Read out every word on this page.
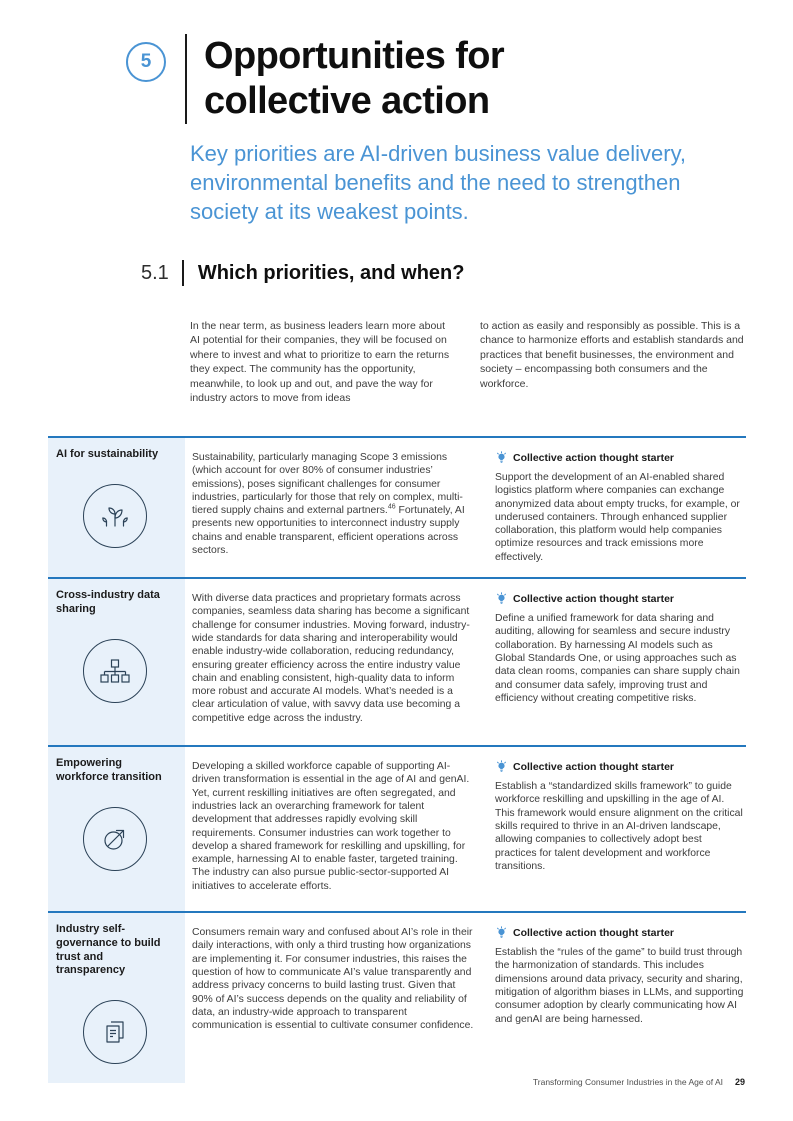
5	Opportunities for collective action
Key priorities are AI-driven business value delivery, environmental benefits and the need to strengthen society at its weakest points.
5.1 Which priorities, and when?

In the near term, as business leaders learn more about AI potential for their companies, they will be focused on where to invest and what to prioritize to earn the returns they expect. The community has the opportunity, meanwhile, to look up and out, and pave the way for industry actors to move from ideas

to action as easily and responsibly as possible. This is a chance to harmonize efforts and establish standards and practices that benefit businesses, the environment and society – encompassing both consumers and the workforce.

AI for sustainability	Sustainability, particularly managing Scope 3 emissions (which account for over 80% of consumer industries’ emissions), poses significant challenges for consumer industries, particularly for those that rely on complex, multi-tiered supply chains and external partners.$^{46}$ Fortunately, AI presents new opportunities to interconnect industry supply chains and enable transparent, efficient operations across sectors.

Collective action thought starter

Support the development of an AI-enabled shared logistics platform where companies can exchange anonymized data about empty trucks, for example, or underused containers. Through enhanced supplier collaboration, this platform would help companies optimize resources and track emissions more effectively.

Cross-industry data sharing

With diverse data practices and proprietary formats across companies, seamless data sharing has become a significant challenge for consumer industries. Moving forward, industry-wide standards for data sharing and interoperability would enable industry-wide collaboration, reducing redundancy, ensuring greater efficiency across the entire industry value chain and enabling consistent, high-quality data to inform more robust and accurate AI models. What’s needed is a clear articulation of value, with savvy data use becoming a competitive edge across the industry.

Collective action thought starter

Define a unified framework for data sharing and auditing, allowing for seamless and secure industry collaboration. By harnessing AI models such as Global Standards One, or using approaches such as data clean rooms, companies can share supply chain and consumer data safely, improving trust and efficiency without creating competitive risks.

Empowering workforce transition

Developing a skilled workforce capable of supporting AI-driven transformation is essential in the age of AI and genAI. Yet, current reskilling initiatives are often segregated, and industries lack an overarching framework for talent development that addresses rapidly evolving skill requirements. Consumer industries can work together to develop a shared framework for reskilling and upskilling, for example, harnessing AI to enable faster, targeted training. The industry can also pursue public-sector-supported AI initiatives to accelerate efforts.

Collective action thought starter

Establish a “standardized skills framework” to guide workforce reskilling and upskilling in the age of AI. This framework would ensure alignment on the critical skills required to thrive in an AI-driven landscape, allowing companies to collectively adopt best practices for talent development and workforce transitions.

Industry self-governance to build trust and transparency

Consumers remain wary and confused about AI’s role in their daily interactions, with only a third trusting how organizations are implementing it. For consumer industries, this raises the question of how to communicate AI’s value transparently and address privacy concerns to build lasting trust. Given that 90% of AI’s success depends on the quality and reliability of data, an industry-wide approach to transparent communication is essential to cultivate consumer confidence.

Collective action thought starter

Establish the “rules of the game” to build trust through the harmonization of standards. This includes dimensions around data privacy, security and sharing, mitigation of algorithm biases in LLMs, and supporting consumer adoption by clearly communicating how AI and genAI are being harnessed.

Transforming Consumer Industries in the Age of AI 29
